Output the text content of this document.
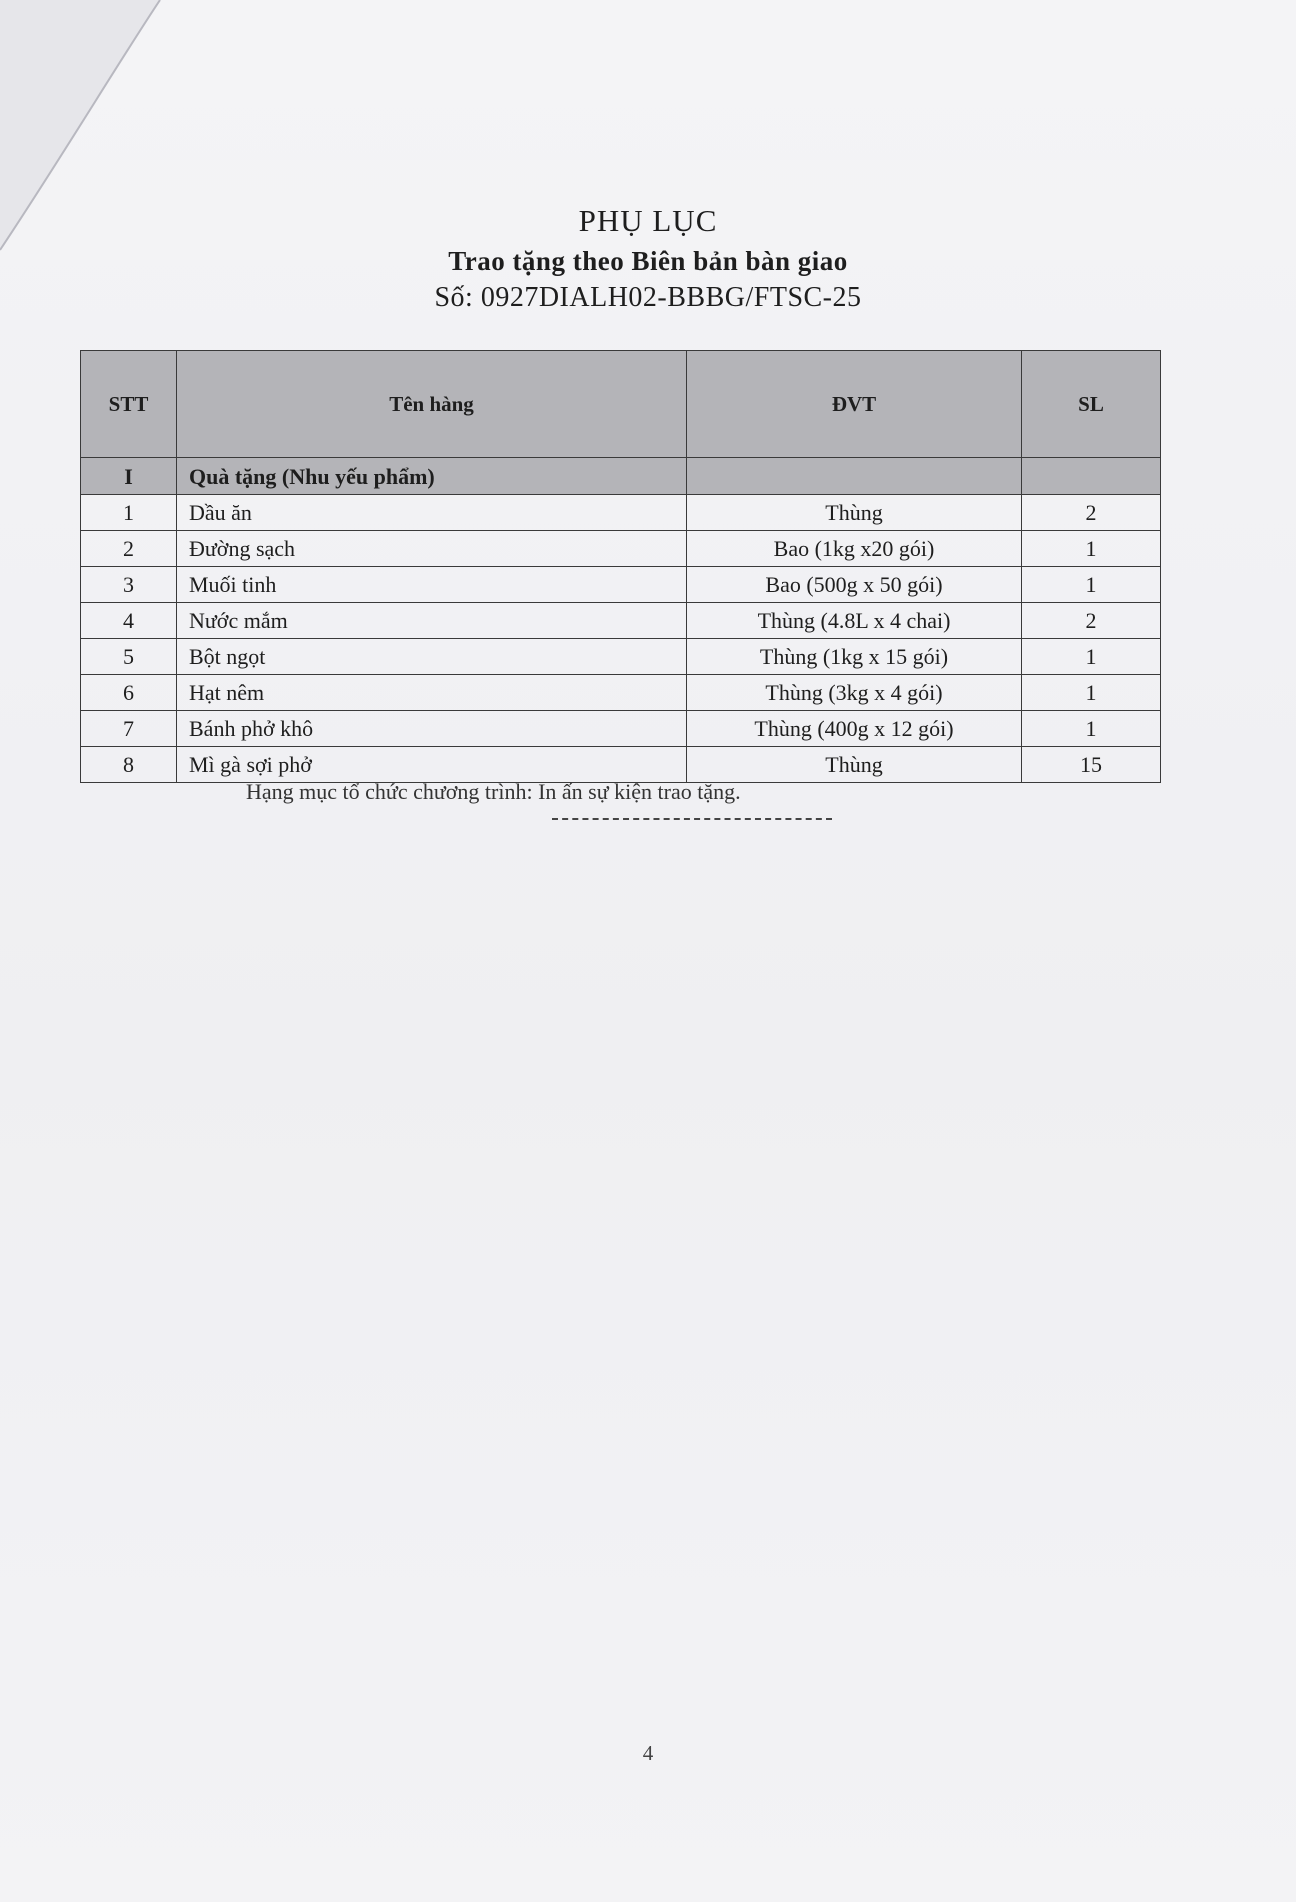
PHỤ LỤC
Trao tặng theo Biên bản bàn giao
Số: 0927DIALH02-BBBG/FTSC-25
STT	Tên hàng	ĐVT	SL
I	Quà tặng (Nhu yếu phẩm)		
1	Dầu ăn	Thùng	2
2	Đường sạch	Bao (1kg x20 gói)	1
3	Muối tinh	Bao (500g x 50 gói)	1
4	Nước mắm	Thùng (4.8L x 4 chai)	2
5	Bột ngọt	Thùng (1kg x 15 gói)	1
6	Hạt nêm	Thùng (3kg x 4 gói)	1
7	Bánh phở khô	Thùng (400g x 12 gói)	1
8	Mì gà sợi phở	Thùng	15
Hạng mục tổ chức chương trình: In ấn sự kiện trao tặng.
4
